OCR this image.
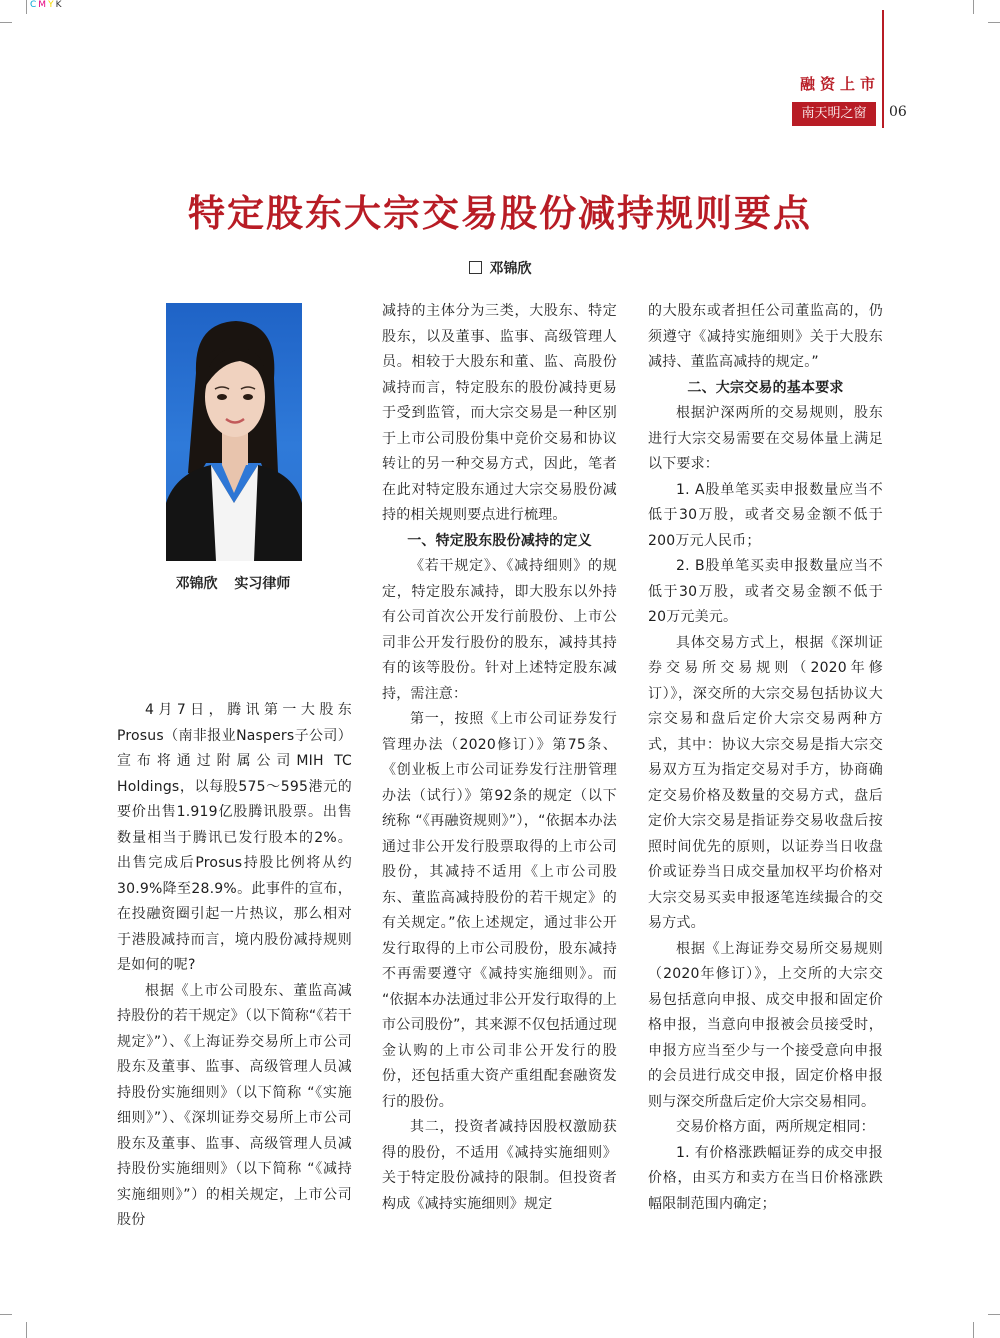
CMYK
融资上市
南天明之窗	06
特定股东大宗交易股份减持规则要点
邓锦欣
邓锦欣 实习律师

4月7日，腾讯第一大股东Prosus（南非报业Naspers子公司）宣布将通过附属公司MIH TC Holdings，以每股575～595港元的要价出售1.919亿股腾讯股票。出售数量相当于腾讯已发行股本的2%。出售完成后Prosus持股比例将从约30.9%降至28.9%。此事件的宣布，在投融资圈引起一片热议，那么相对于港股减持而言，境内股份减持规则是如何的呢?

根据《上市公司股东、董监高减持股份的若干规定》（以下简称“《若干规定》”）、《上海证券交易所上市公司股东及董事、监事、高级管理人员减持股份实施细则》（以下简称 “《实施细则》”）、《深圳证券交易所上市公司股东及董事、监事、高级管理人员减持股份实施细则》（以下简称 “《减持实施细则》”）的相关规定，上市公司股份

减持的主体分为三类，大股东、特定股东，以及董事、监事、高级管理人员。相较于大股东和董、监、高股份减持而言，特定股东的股份减持更易于受到监管，而大宗交易是一种区别于上市公司股份集中竞价交易和协议转让的另一种交易方式，因此，笔者在此对特定股东通过大宗交易股份减持的相关规则要点进行梳理。

一、特定股东股份减持的定义

《若干规定》、《减持细则》的规定，特定股东减持，即大股东以外持有公司首次公开发行前股份、上市公司非公开发行股份的股东，减持其持有的该等股份。针对上述特定股东减持，需注意：

第一，按照《上市公司证券发行管理办法（2020修订）》第75条、《创业板上市公司证券发行注册管理办法（试行）》第92条的规定（以下统称 “《再融资规则》”），“依据本办法通过非公开发行股票取得的上市公司股份，其减持不适用《上市公司股东、董监高减持股份的若干规定》的有关规定。”依上述规定，通过非公开发行取得的上市公司股份，股东减持不再需要遵守《减持实施细则》。而 “依据本办法通过非公开发行取得的上市公司股份”，其来源不仅包括通过现金认购的上市公司非公开发行的股份，还包括重大资产重组配套融资发行的股份。

其二，投资者减持因股权激励获得的股份，不适用《减持实施细则》关于特定股份减持的限制。但投资者构成《减持实施细则》规定

的大股东或者担任公司董监高的，仍须遵守《减持实施细则》关于大股东减持、董监高减持的规定。”

二、大宗交易的基本要求

根据沪深两所的交易规则，股东进行大宗交易需要在交易体量上满足以下要求：

1. A股单笔买卖申报数量应当不低于30万股，或者交易金额不低于200万元人民币；

2. B股单笔买卖申报数量应当不低于30万股，或者交易金额不低于20万元美元。

具体交易方式上，根据《深圳证券交易所交易规则（2020年修订）》，深交所的大宗交易包括协议大宗交易和盘后定价大宗交易两种方式，其中：协议大宗交易是指大宗交易双方互为指定交易对手方，协商确定交易价格及数量的交易方式，盘后定价大宗交易是指证券交易收盘后按照时间优先的原则，以证券当日收盘价或证券当日成交量加权平均价格对大宗交易买卖申报逐笔连续撮合的交易方式。

根据《上海证券交易所交易规则（2020年修订）》，上交所的大宗交易包括意向申报、成交申报和固定价格申报，当意向申报被会员接受时，申报方应当至少与一个接受意向申报的会员进行成交申报，固定价格申报则与深交所盘后定价大宗交易相同。

交易价格方面，两所规定相同：

1. 有价格涨跌幅证券的成交申报价格，由买方和卖方在当日价格涨跌幅限制范围内确定；
